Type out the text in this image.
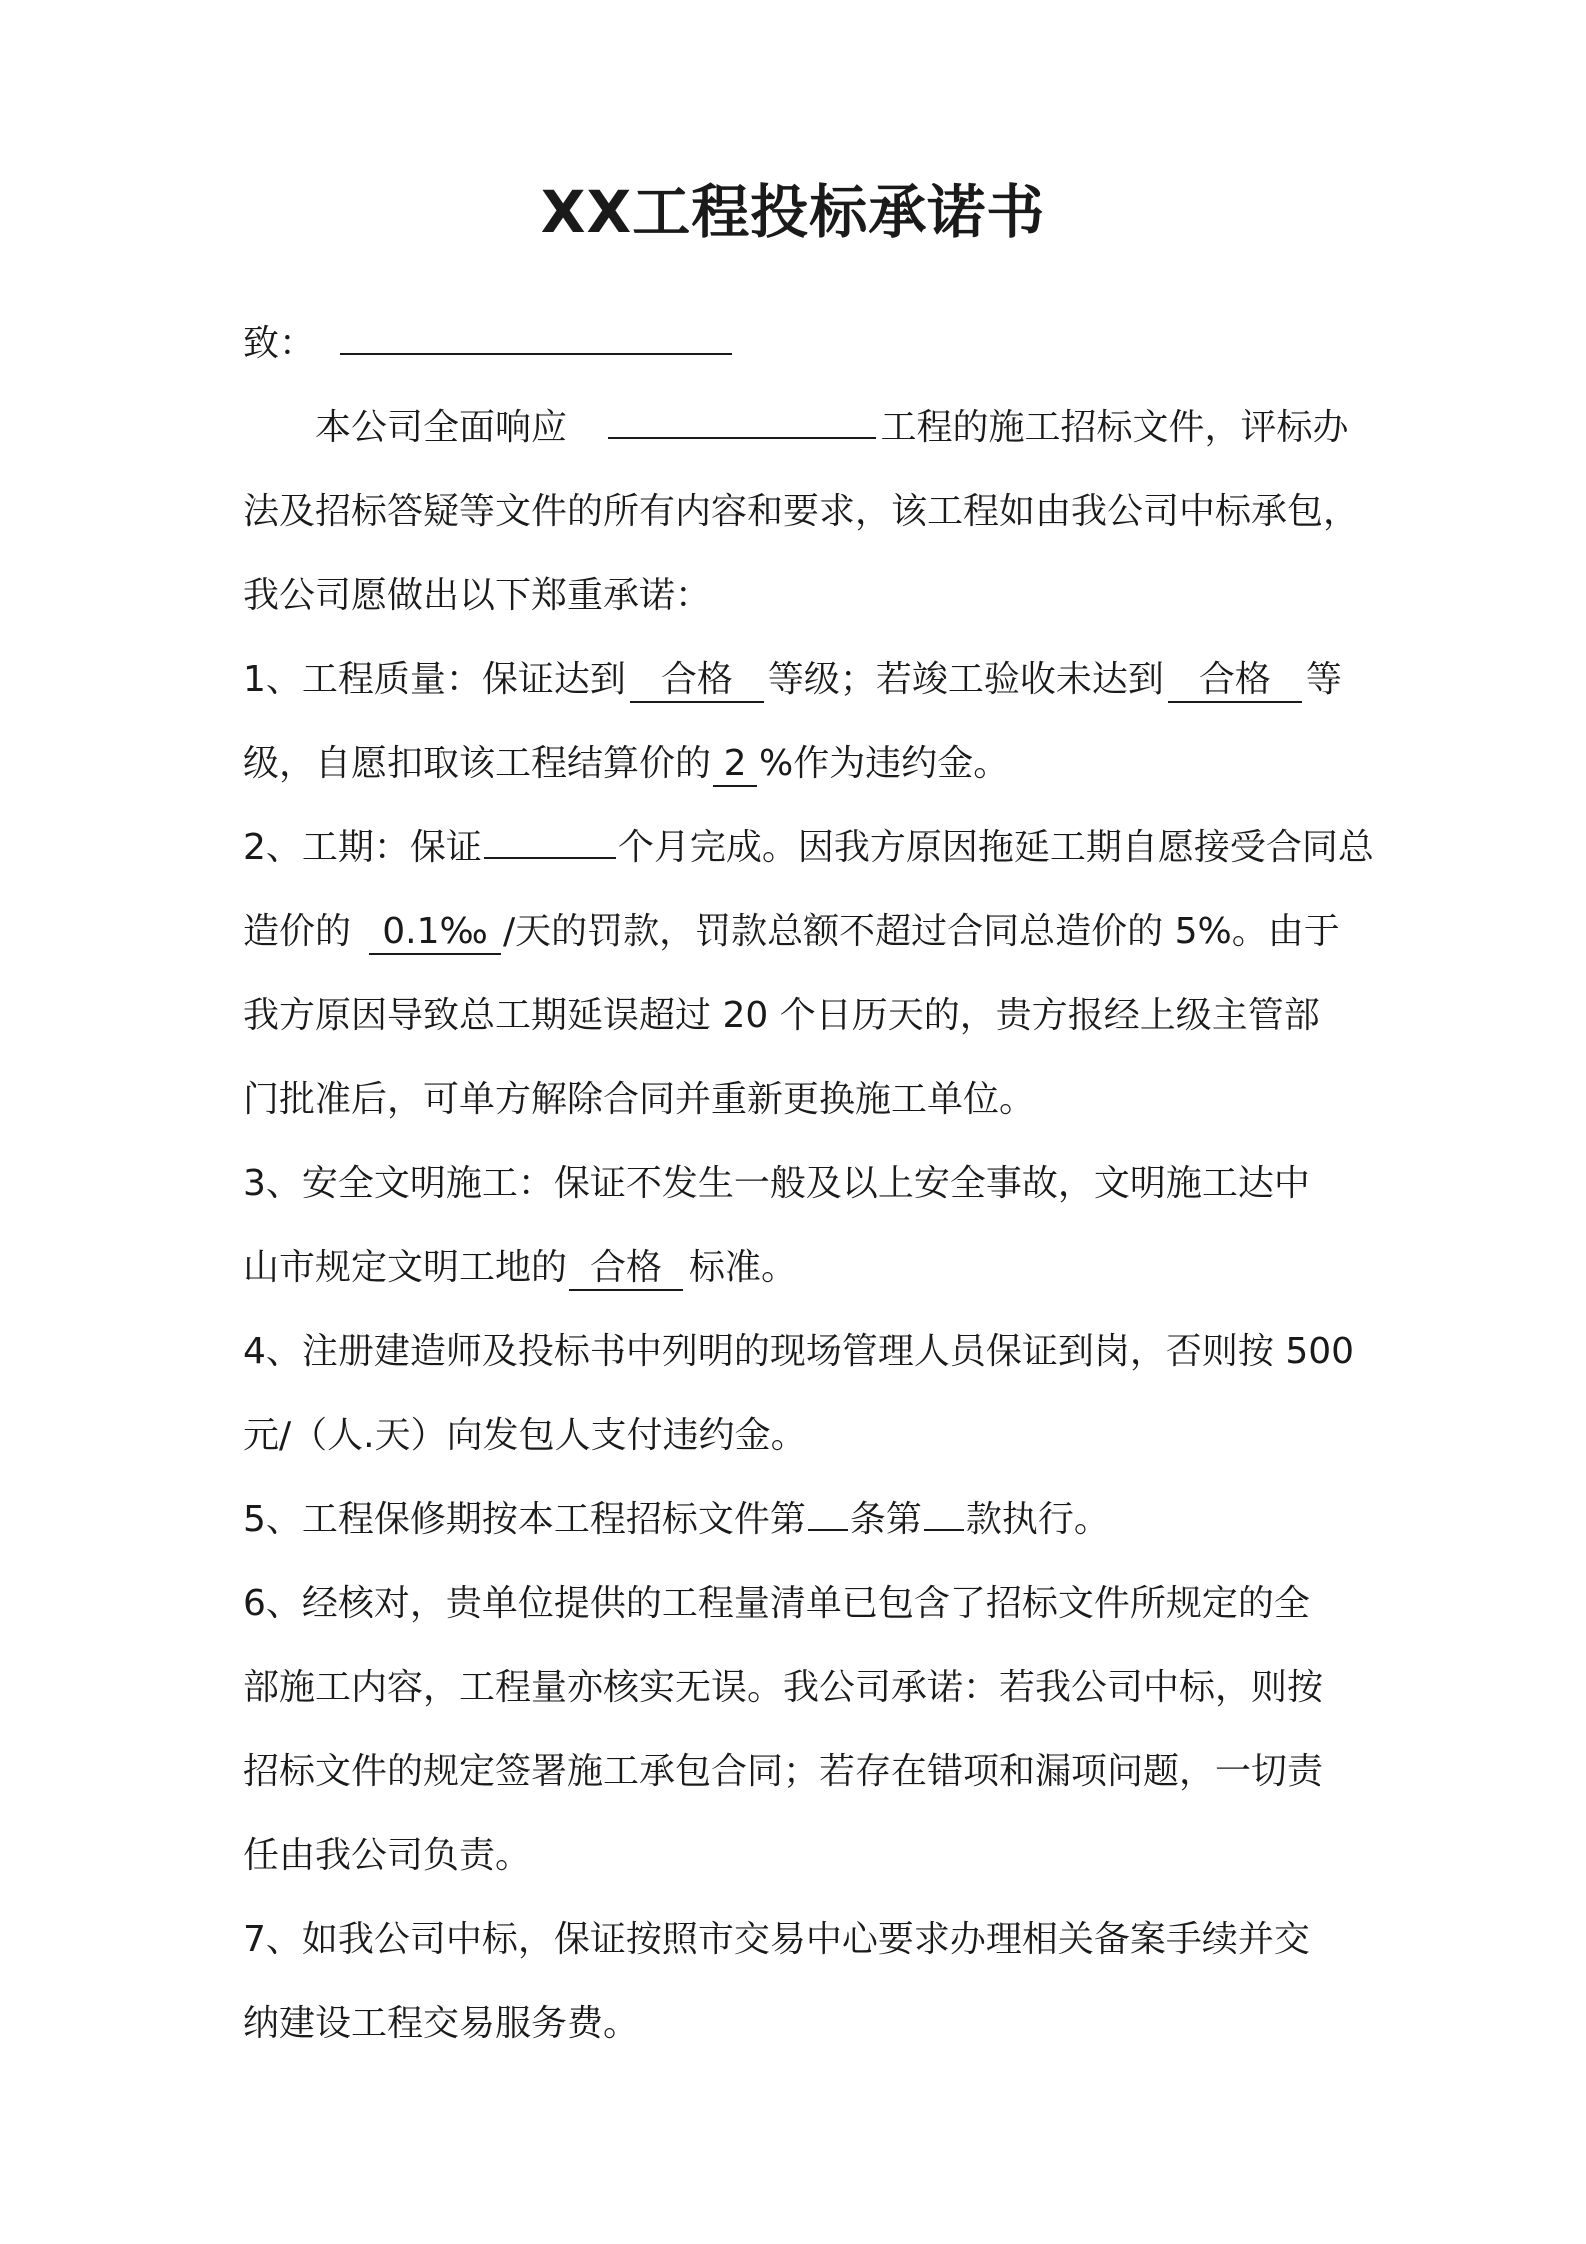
XX工程投标承诺书
致：
本公司全面响应	工程的施工招标文件，评标办
法及招标答疑等文件的所有内容和要求，该工程如由我公司中标承包，
我公司愿做出以下郑重承诺：
1、工程质量：保证达到 合格 等级；若竣工验收未达到 合格 等
级，自愿扣取该工程结算价的 2 %作为违约金。
2、工期：保证	个月完成。因我方原因拖延工期自愿接受合同总
造价的 0.1‰ /天的罚款，罚款总额不超过合同总造价的 5%。由于
我方原因导致总工期延误超过 20 个日历天的，贵方报经上级主管部
门批准后，可单方解除合同并重新更换施工单位。
3、安全文明施工：保证不发生一般及以上安全事故，文明施工达中
山市规定文明工地的 合格 标准。
4、注册建造师及投标书中列明的现场管理人员保证到岗，否则按 500
元/（人.天）向发包人支付违约金。
5、工程保修期按本工程招标文件第 条第 款执行。
6、经核对，贵单位提供的工程量清单已包含了招标文件所规定的全
部施工内容，工程量亦核实无误。我公司承诺：若我公司中标，则按
招标文件的规定签署施工承包合同；若存在错项和漏项问题，一切责
任由我公司负责。
7、如我公司中标，保证按照市交易中心要求办理相关备案手续并交
纳建设工程交易服务费。
